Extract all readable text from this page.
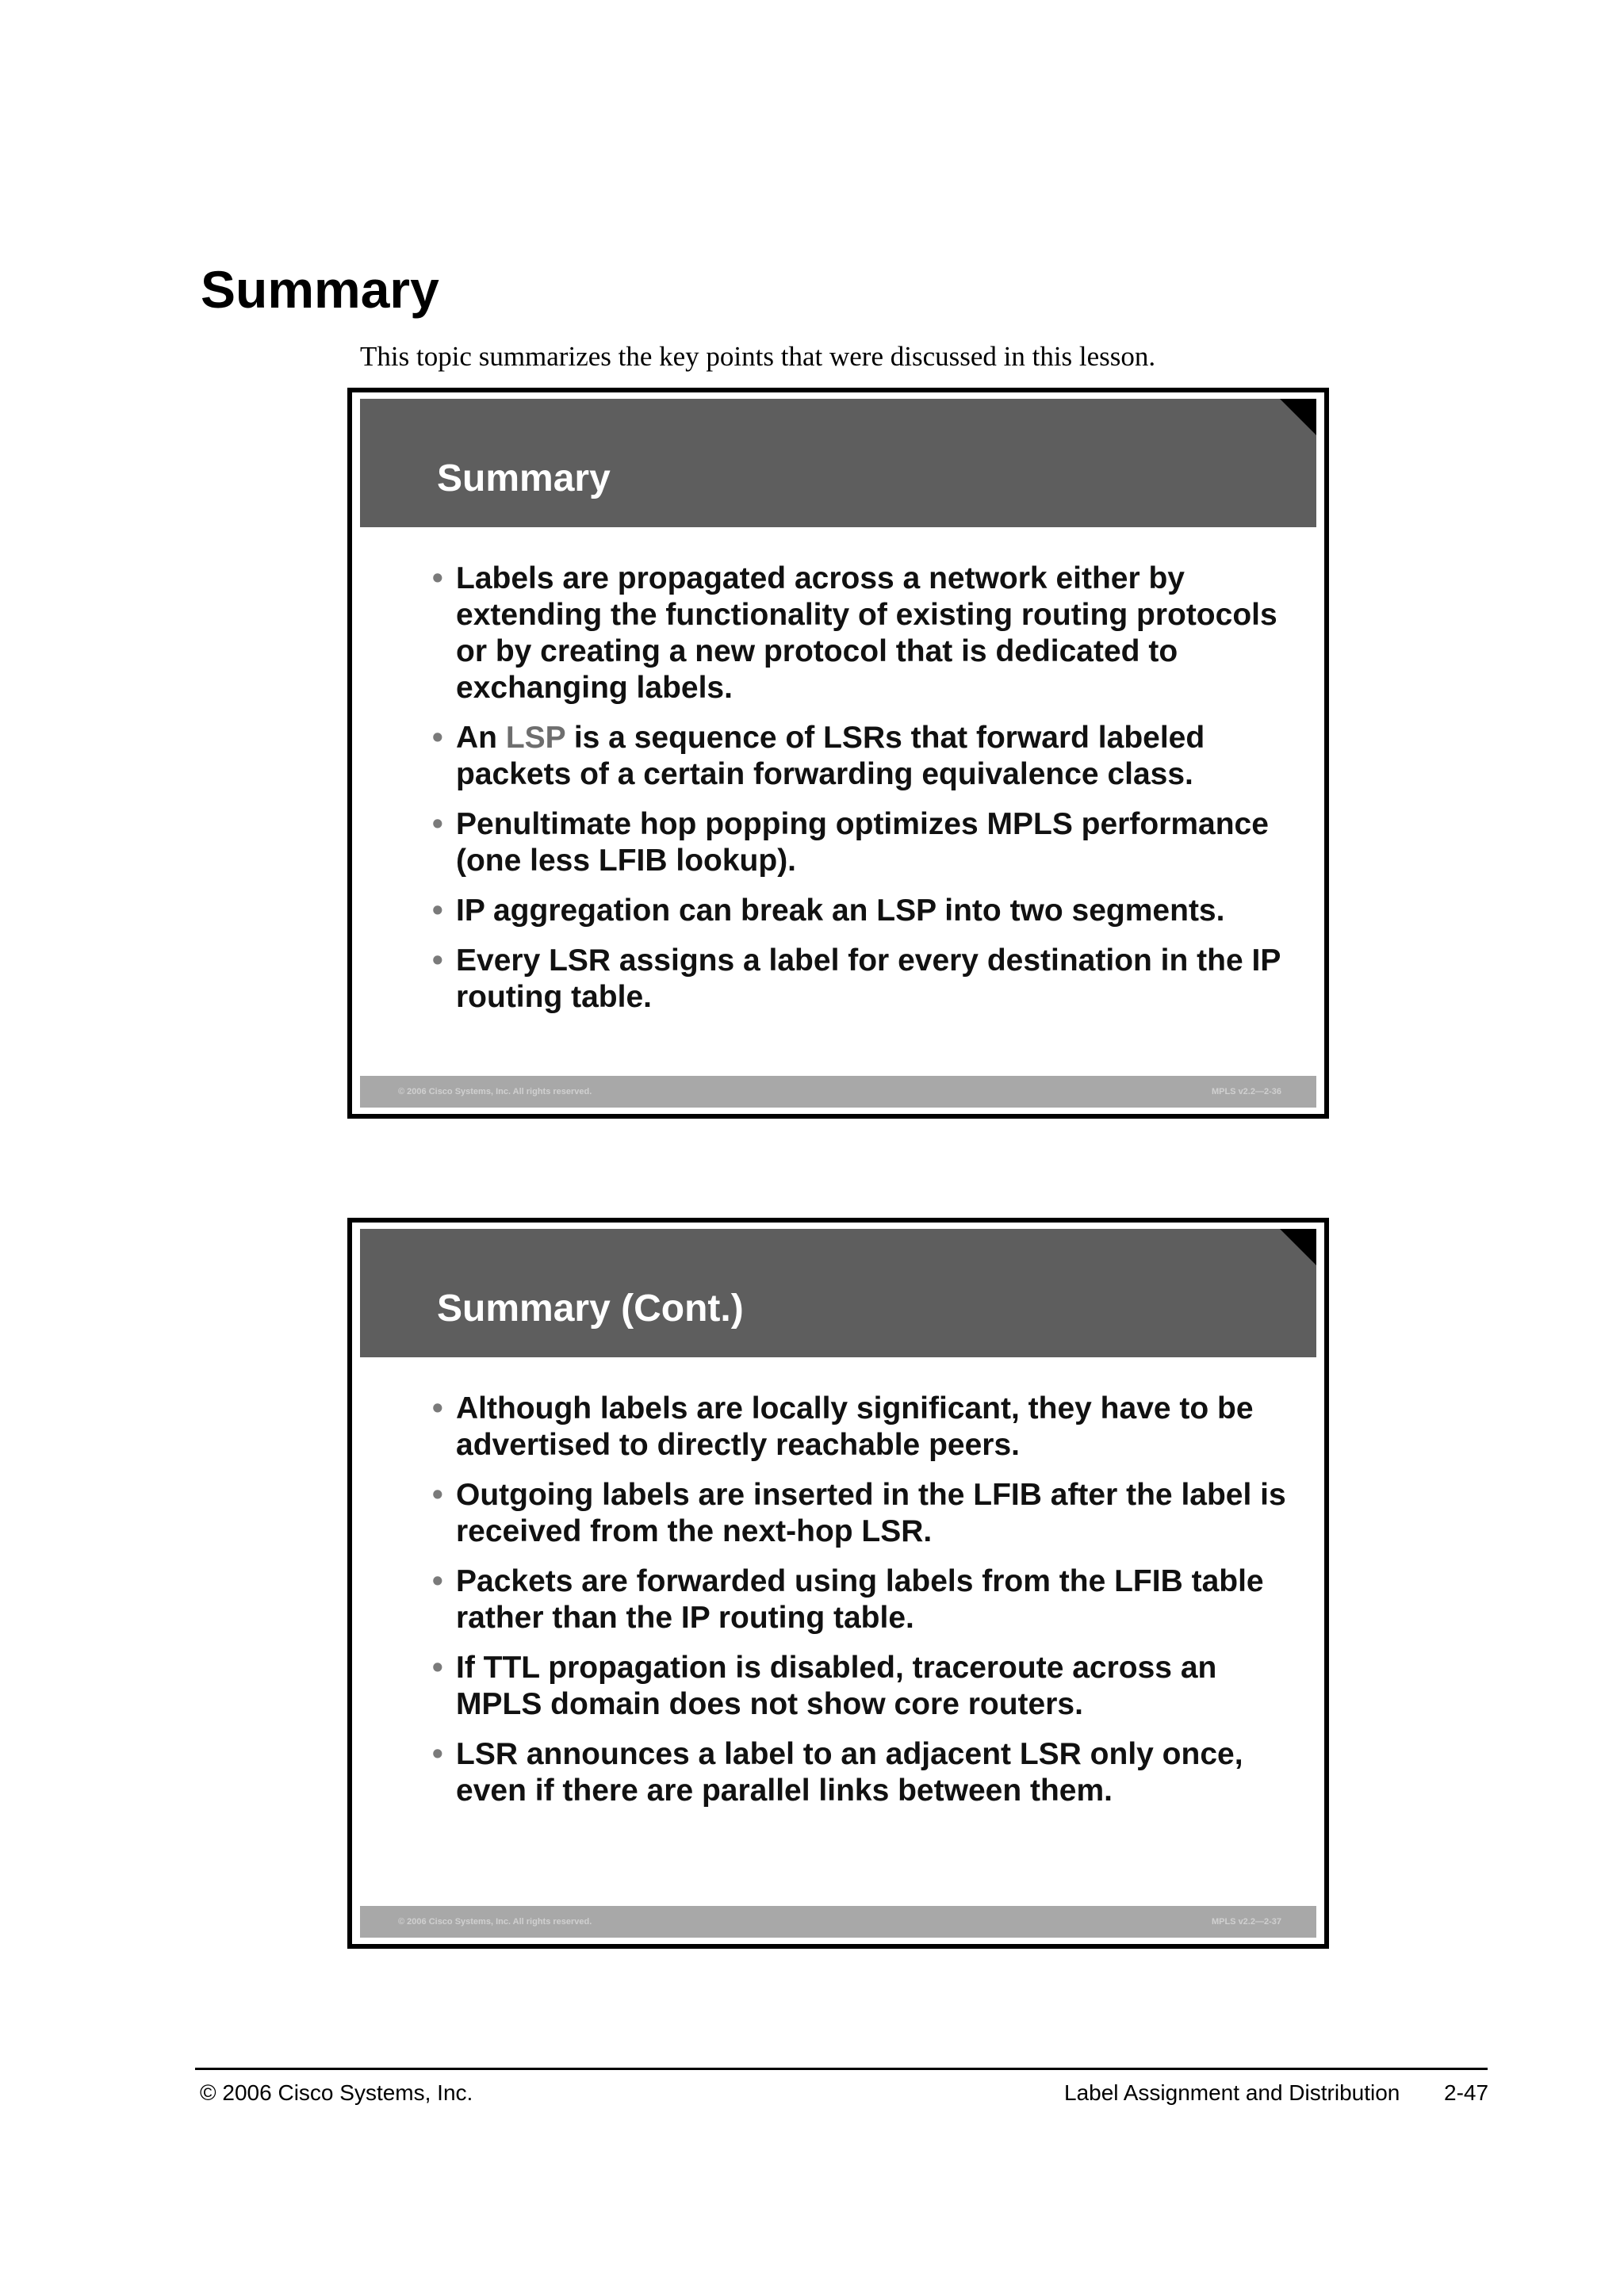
Summary

This topic summarizes the key points that were discussed in this lesson.

Summary
• Labels are propagated across a network either by extending the functionality of existing routing protocols or by creating a new protocol that is dedicated to exchanging labels.
• An LSP is a sequence of LSRs that forward labeled packets of a certain forwarding equivalence class.
• Penultimate hop popping optimizes MPLS performance (one less LFIB lookup).
• IP aggregation can break an LSP into two segments.
• Every LSR assigns a label for every destination in the IP routing table.
© 2006 Cisco Systems, Inc. All rights reserved.	MPLS v2.2—2-36
Summary (Cont.)
• Although labels are locally significant, they have to be advertised to directly reachable peers.
• Outgoing labels are inserted in the LFIB after the label is received from the next-hop LSR.
• Packets are forwarded using labels from the LFIB table rather than the IP routing table.
• If TTL propagation is disabled, traceroute across an MPLS domain does not show core routers.
• LSR announces a label to an adjacent LSR only once, even if there are parallel links between them.
© 2006 Cisco Systems, Inc. All rights reserved.	MPLS v2.2—2-37
© 2006 Cisco Systems, Inc.	Label Assignment and Distribution 2-47
